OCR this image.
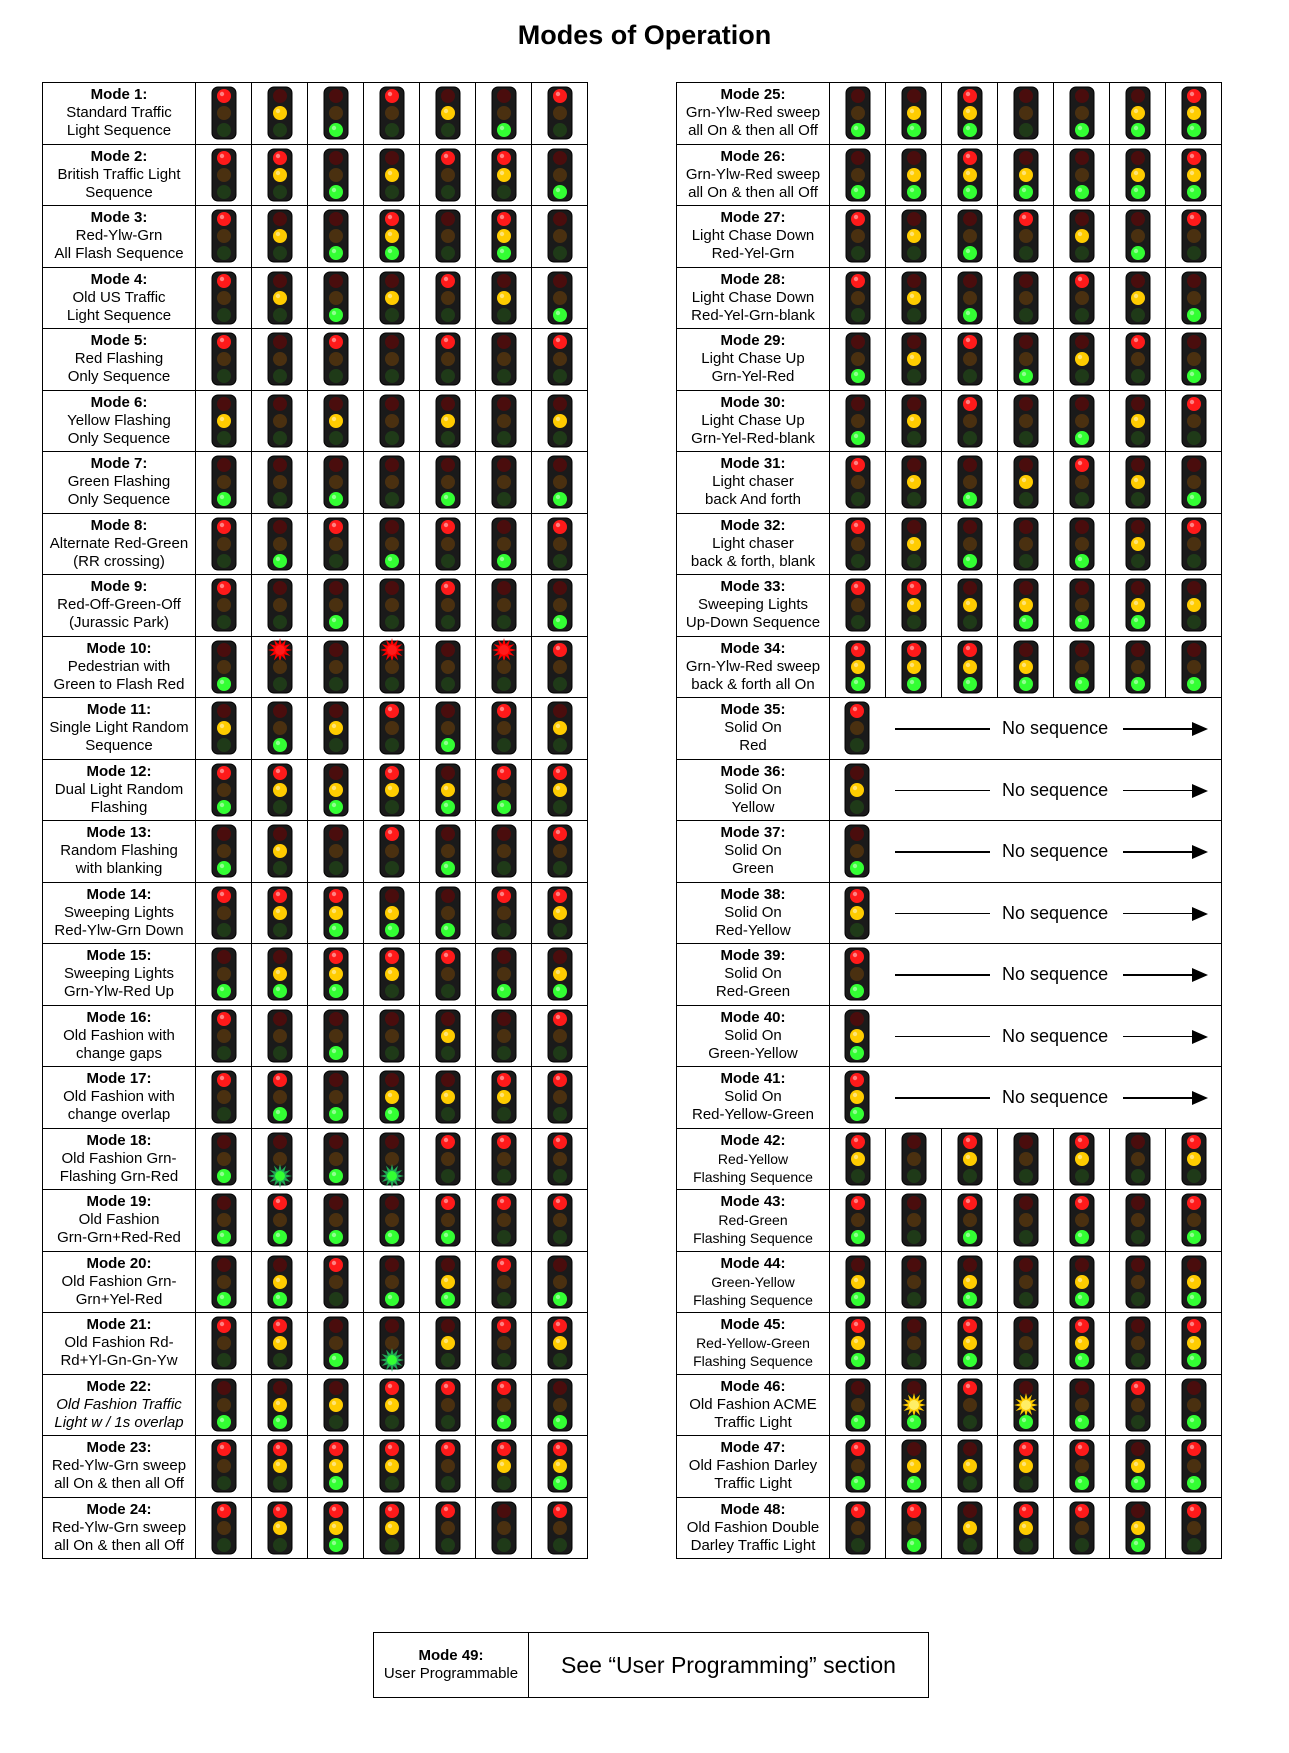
Modes of Operation
Mode 1:
Standard Traffic
Light Sequence

Mode 2:
British Traffic Light
Sequence

Mode 3:
Red-Ylw-Grn
All Flash Sequence

Mode 4:
Old US Traffic
Light Sequence

Mode 5:
Red Flashing
Only Sequence

Mode 6:
Yellow Flashing
Only Sequence

Mode 7:
Green Flashing
Only Sequence

Mode 8:
Alternate Red-Green
(RR crossing)

Mode 9:
Red-Off-Green-Off
(Jurassic Park)

Mode 10:
Pedestrian with
Green to Flash Red

Mode 11:
Single Light Random
Sequence

Mode 12:
Dual Light Random
Flashing

Mode 13:
Random Flashing
with blanking

Mode 14:
Sweeping Lights
Red-Ylw-Grn Down

Mode 15:
Sweeping Lights
Grn-Ylw-Red Up

Mode 16:
Old Fashion with
change gaps

Mode 17:
Old Fashion with
change overlap

Mode 18:
Old Fashion Grn-
Flashing Grn-Red

Mode 19:
Old Fashion
Grn-Grn+Red-Red

Mode 20:
Old Fashion Grn-
Grn+Yel-Red

Mode 21:
Old Fashion Rd-
Rd+Yl-Gn-Gn-Yw

Mode 22:
Old Fashion Traffic
Light w / 1s overlap

Mode 23:
Red-Ylw-Grn sweep
all On & then all Off

Mode 24:
Red-Ylw-Grn sweep
all On & then all Off

Mode 25:
Grn-Ylw-Red sweep
all On & then all Off

Mode 26:
Grn-Ylw-Red sweep
all On & then all Off

Mode 27:
Light Chase Down
Red-Yel-Grn

Mode 28:
Light Chase Down
Red-Yel-Grn-blank

Mode 29:
Light Chase Up
Grn-Yel-Red

Mode 30:
Light Chase Up
Grn-Yel-Red-blank

Mode 31:
Light chaser
back And forth

Mode 32:
Light chaser
back & forth, blank

Mode 33:
Sweeping Lights
Up-Down Sequence

Mode 34:
Grn-Ylw-Red sweep
back & forth all On

Mode 35:
Solid On
Red	No sequence						

Mode 36:
Solid On
Yellow	No sequence						

Mode 37:
Solid On
Green	No sequence						

Mode 38:
Solid On
Red-Yellow	No sequence						

Mode 39:
Solid On
Red-Green	No sequence						

Mode 40:
Solid On
Green-Yellow	No sequence						

Mode 41:
Solid On
Red-Yellow-Green	No sequence						

Mode 42:
Red-Yellow
Flashing Sequence

Mode 43:
Red-Green
Flashing Sequence

Mode 44:
Green-Yellow
Flashing Sequence

Mode 45:
Red-Yellow-Green
Flashing Sequence

Mode 46:
Old Fashion ACME
Traffic Light

Mode 47:
Old Fashion Darley
Traffic Light

Mode 48:
Old Fashion Double
Darley Traffic Light

Mode 49:
User Programmable	See “User Programming” section
